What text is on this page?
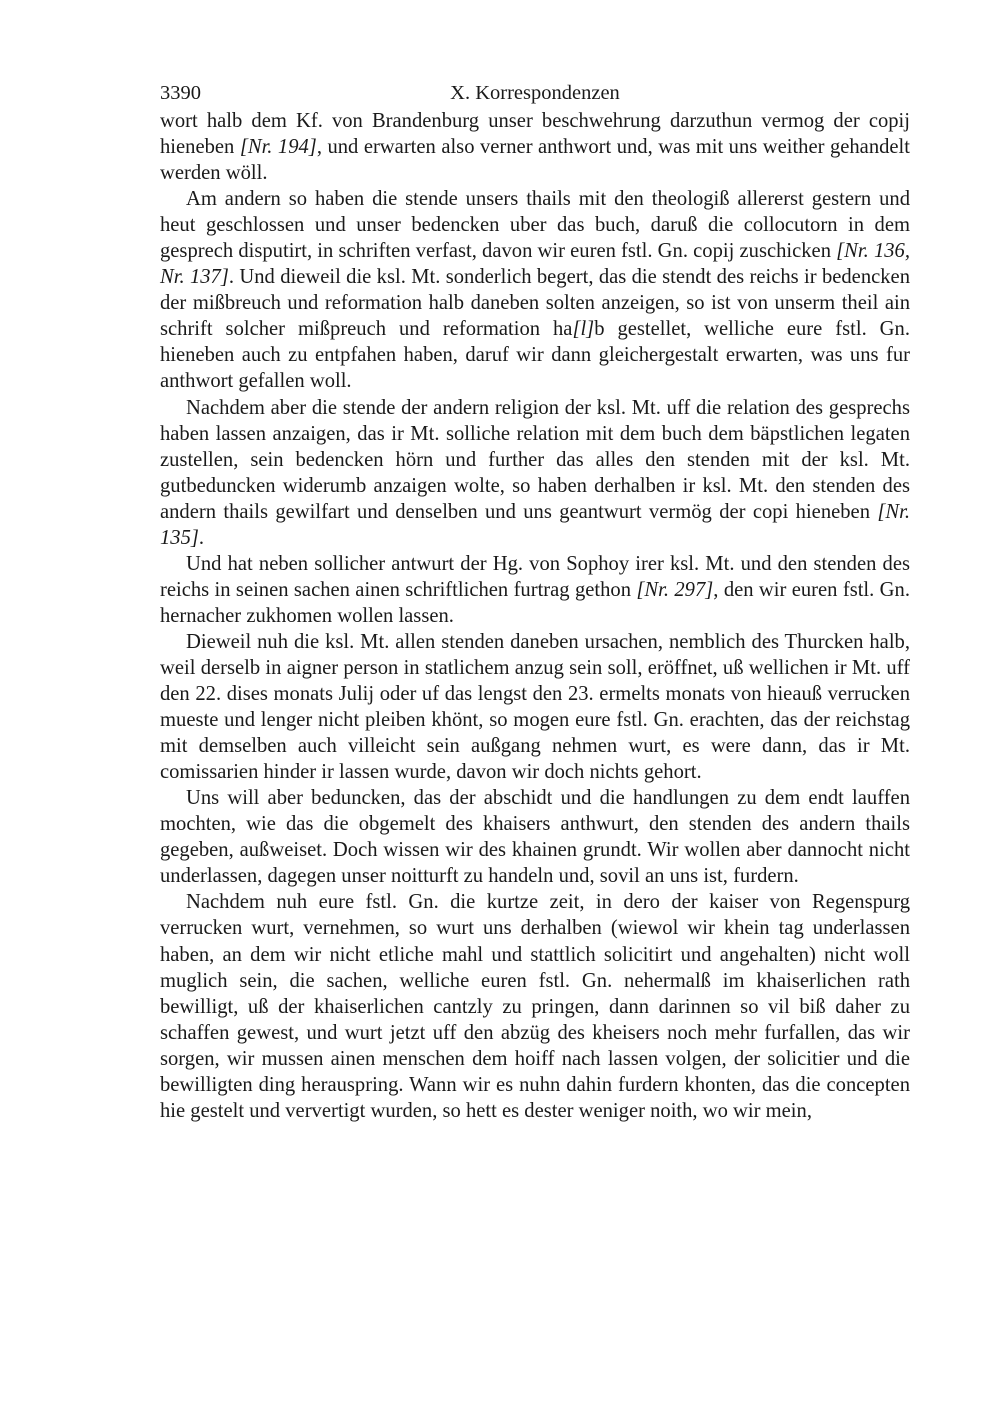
3390	X. Korrespondenzen

wort halb dem Kf. von Brandenburg unser beschwehrung darzuthun vermog der copij hieneben [Nr. 194], und erwarten also verner anthwort und, was mit uns weither gehandelt werden wöll.

Am andern so haben die stende unsers thails mit den theologiß allererst gestern und heut geschlossen und unser bedencken uber das buch, daruß die collocutorn in dem gesprech disputirt, in schriften verfast, davon wir euren fstl. Gn. copij zuschicken [Nr. 136, Nr. 137]. Und dieweil die ksl. Mt. sonderlich begert, das die stendt des reichs ir bedencken der mißbreuch und reformation halb daneben solten anzeigen, so ist von unserm theil ain schrift solcher mißpreuch und reformation ha[l]b gestellet, welliche eure fstl. Gn. hieneben auch zu entpfahen haben, daruf wir dann gleichergestalt erwarten, was uns fur anthwort gefallen woll.

Nachdem aber die stende der andern religion der ksl. Mt. uff die relation des gesprechs haben lassen anzaigen, das ir Mt. solliche relation mit dem buch dem bäpstlichen legaten zustellen, sein bedencken hörn und further das alles den stenden mit der ksl. Mt. gutbeduncken widerumb anzaigen wolte, so haben derhalben ir ksl. Mt. den stenden des andern thails gewilfart und denselben und uns geantwurt vermög der copi hieneben [Nr. 135].

Und hat neben sollicher antwurt der Hg. von Sophoy irer ksl. Mt. und den stenden des reichs in seinen sachen ainen schriftlichen furtrag gethon [Nr. 297], den wir euren fstl. Gn. hernacher zukhomen wollen lassen.

Dieweil nuh die ksl. Mt. allen stenden daneben ursachen, nemblich des Thurcken halb, weil derselb in aigner person in statlichem anzug sein soll, eröffnet, uß wellichen ir Mt. uff den 22. dises monats Julij oder uf das lengst den 23. ermelts monats von hieauß verrucken mueste und lenger nicht pleiben khönt, so mogen eure fstl. Gn. erachten, das der reichstag mit demselben auch villeicht sein außgang nehmen wurt, es were dann, das ir Mt. comissarien hinder ir lassen wurde, davon wir doch nichts gehort.

Uns will aber beduncken, das der abschidt und die handlungen zu dem endt lauffen mochten, wie das die obgemelt des khaisers anthwurt, den stenden des andern thails gegeben, außweiset. Doch wissen wir des khainen grundt. Wir wollen aber dannocht nicht underlassen, dagegen unser noitturft zu handeln und, sovil an uns ist, furdern.

Nachdem nuh eure fstl. Gn. die kurtze zeit, in dero der kaiser von Regenspurg verrucken wurt, vernehmen, so wurt uns derhalben (wiewol wir khein tag underlassen haben, an dem wir nicht etliche mahl und stattlich solicitirt und angehalten) nicht woll muglich sein, die sachen, welliche euren fstl. Gn. nehermalß im khaiserlichen rath bewilligt, uß der khaiserlichen cantzly zu pringen, dann darinnen so vil biß daher zu schaffen gewest, und wurt jetzt uff den abzüg des kheisers noch mehr furfallen, das wir sorgen, wir mussen ainen menschen dem hoiff nach lassen volgen, der solicitier und die bewilligten ding herauspring. Wann wir es nuhn dahin furdern khonten, das die concepten hie gestelt und ververtigt wurden, so hett es dester weniger noith, wo wir mein,
